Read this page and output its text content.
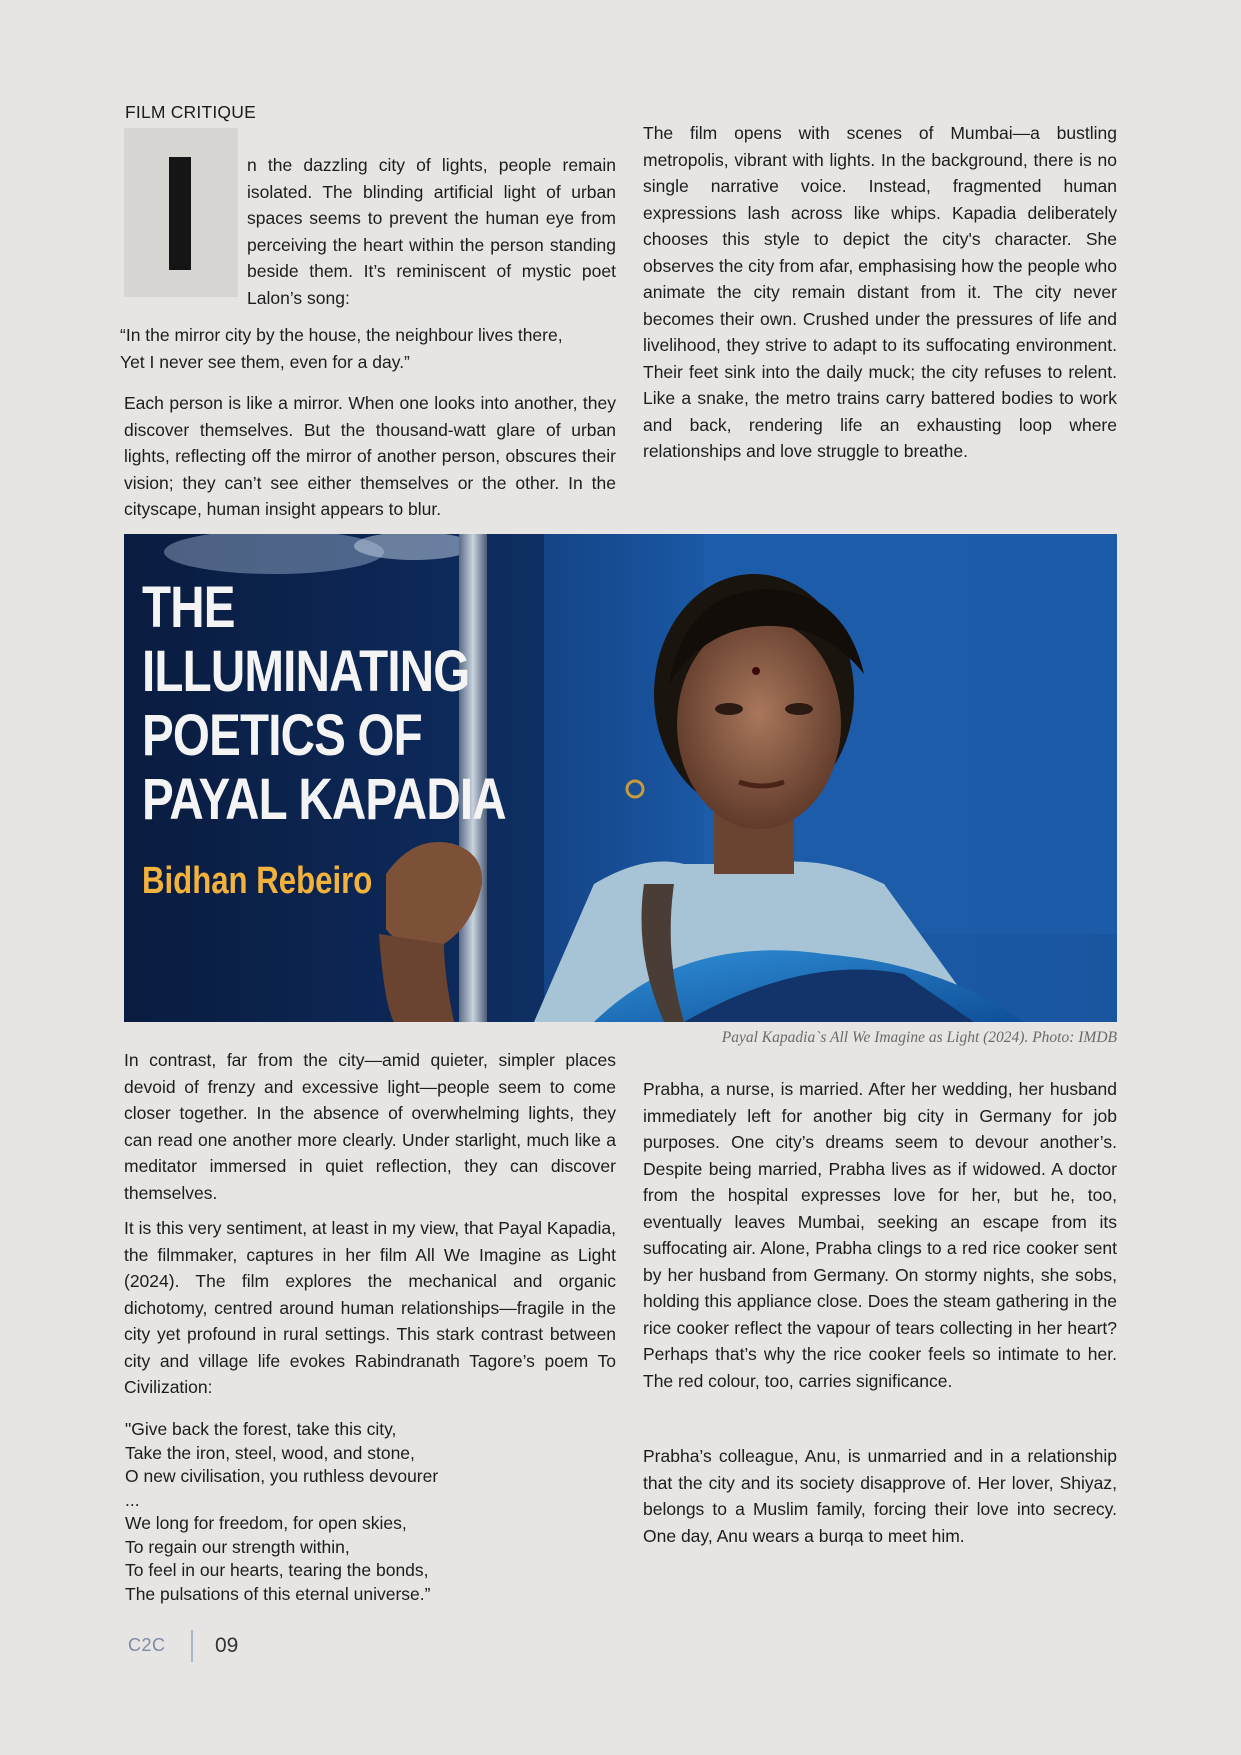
FILM CRITIQUE

n the dazzling city of lights, people remain isolated. The blinding artificial light of urban spaces seems to prevent the human eye from perceiving the heart within the person standing beside them. It’s reminiscent of mystic poet Lalon’s song:

“In the mirror city by the house, the neighbour lives there,
Yet I never see them, even for a day.”

Each person is like a mirror. When one looks into another, they discover themselves. But the thousand-watt glare of urban lights, reflecting off the mirror of another person, obscures their vision; they can’t see either themselves or the other. In the cityscape, human insight appears to blur.

The film opens with scenes of Mumbai—a bustling metropolis, vibrant with lights. In the background, there is no single narrative voice. Instead, fragmented human expressions lash across like whips. Kapadia deliberately chooses this style to depict the city's character. She observes the city from afar, emphasising how the people who animate the city remain distant from it. The city never becomes their own. Crushed under the pressures of life and livelihood, they strive to adapt to its suffocating environment. Their feet sink into the daily muck; the city refuses to relent. Like a snake, the metro trains carry battered bodies to work and back, rendering life an exhausting loop where relationships and love struggle to breathe.

THE
ILLUMINATING
POETICS OF
PAYAL KAPADIA
Bidhan Rebeiro
Payal Kapadia`s All We Imagine as Light (2024). Photo: IMDB

In contrast, far from the city—amid quieter, simpler places devoid of frenzy and excessive light—people seem to come closer together. In the absence of overwhelming lights, they can read one another more clearly. Under starlight, much like a meditator immersed in quiet reflection, they can discover themselves.

It is this very sentiment, at least in my view, that Payal Kapadia, the filmmaker, captures in her film All We Imagine as Light (2024). The film explores the mechanical and organic dichotomy, centred around human relationships—fragile in the city yet profound in rural settings. This stark contrast between city and village life evokes Rabindranath Tagore’s poem To Civilization:

"Give back the forest, take this city,
Take the iron, steel, wood, and stone,
O new civilisation, you ruthless devourer
...
We long for freedom, for open skies,
To regain our strength within,
To feel in our hearts, tearing the bonds,
The pulsations of this eternal universe.”

Prabha, a nurse, is married. After her wedding, her husband immediately left for another big city in Germany for job purposes. One city’s dreams seem to devour another’s. Despite being married, Prabha lives as if widowed. A doctor from the hospital expresses love for her, but he, too, eventually leaves Mumbai, seeking an escape from its suffocating air. Alone, Prabha clings to a red rice cooker sent by her husband from Germany. On stormy nights, she sobs, holding this appliance close. Does the steam gathering in the rice cooker reflect the vapour of tears collecting in her heart? Perhaps that’s why the rice cooker feels so intimate to her. The red colour, too, carries significance.

Prabha’s colleague, Anu, is unmarried and in a relationship that the city and its society disapprove of. Her lover, Shiyaz, belongs to a Muslim family, forcing their love into secrecy. One day, Anu wears a burqa to meet him.

C2C 09
